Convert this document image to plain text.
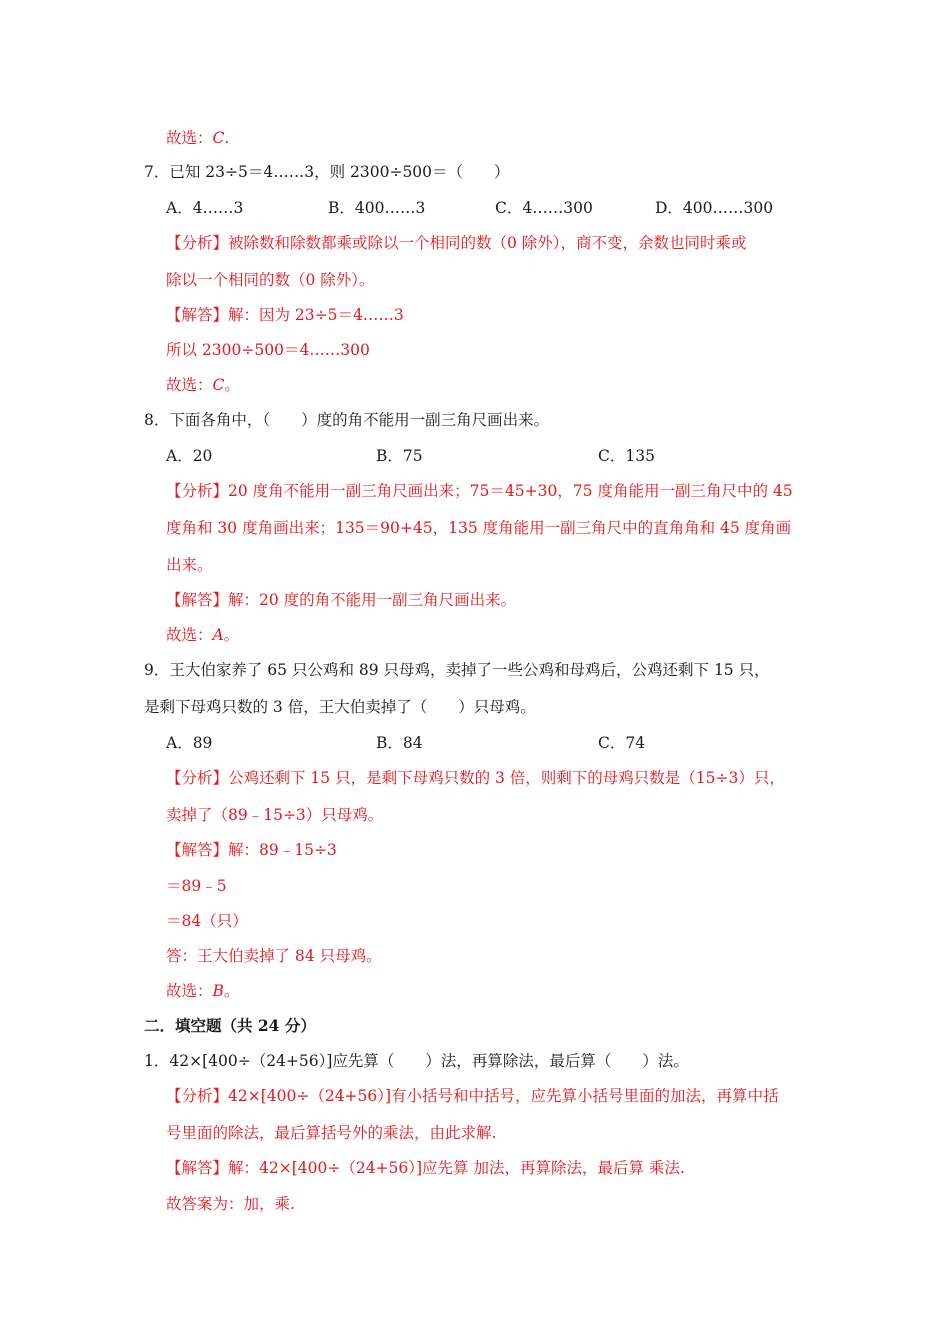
故选：C.
7．已知 23÷5＝4……3，则 2300÷500＝（　　）
A．4……3	B．400……3	C．4……300	D．400……300
【分析】被除数和除数都乘或除以一个相同的数（0 除外），商不变，余数也同时乘或
除以一个相同的数（0 除外）。
【解答】解：因为 23÷5＝4……3
所以 2300÷500＝4……300
故选：C。
8．下面各角中，（　　）度的角不能用一副三角尺画出来。
A．20	B．75	C．135
【分析】20 度角不能用一副三角尺画出来；75＝45+30，75 度角能用一副三角尺中的 45
度角和 30 度角画出来；135＝90+45，135 度角能用一副三角尺中的直角角和 45 度角画
出来。
【解答】解：20 度的角不能用一副三角尺画出来。
故选：A。
9．王大伯家养了 65 只公鸡和 89 只母鸡，卖掉了一些公鸡和母鸡后，公鸡还剩下 15 只，
是剩下母鸡只数的 3 倍，王大伯卖掉了（　　）只母鸡。
A．89	B．84	C．74
【分析】公鸡还剩下 15 只，是剩下母鸡只数的 3 倍，则剩下的母鸡只数是（15÷3）只，
卖掉了（89﹣15÷3）只母鸡。
【解答】解：89﹣15÷3
＝89﹣5
＝84（只）
答：王大伯卖掉了 84 只母鸡。
故选：B。
二．填空题（共 24 分）
1．42×[400÷（24+56）]应先算（　　）法，再算除法，最后算（　　）法。
【分析】42×[400÷（24+56）]有小括号和中括号，应先算小括号里面的加法，再算中括
号里面的除法，最后算括号外的乘法，由此求解.
【解答】解：42×[400÷（24+56）]应先算 加法，再算除法，最后算 乘法.
故答案为：加，乘.
